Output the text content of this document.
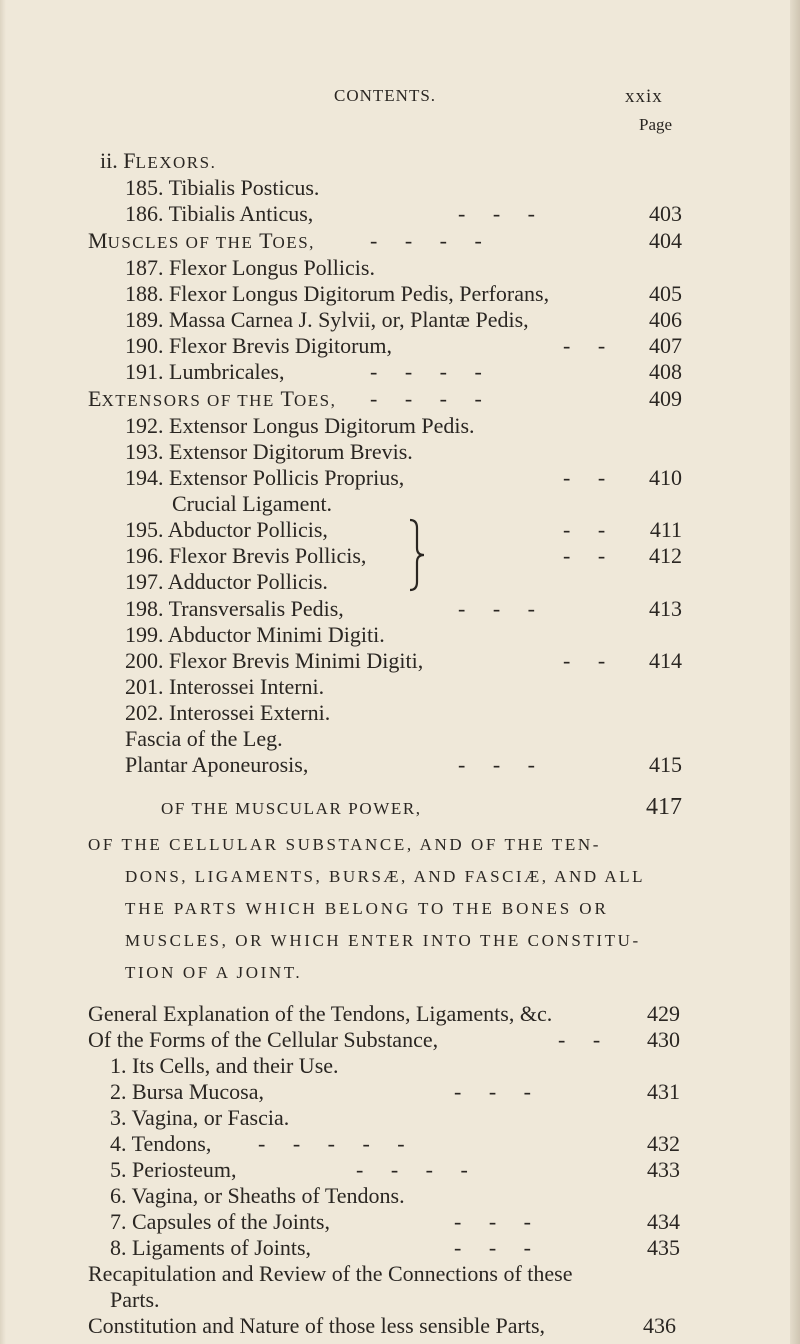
CONTENTS.	xxix
Page
ii. FLEXORS.
185. Tibialis Posticus.
186. Tibialis Anticus,	-     -     -	403
MUSCLES OF THE TOES,	-     -     -     -	404
187. Flexor Longus Pollicis.
188. Flexor Longus Digitorum Pedis, Perforans,	405
189. Massa Carnea J. Sylvii, or, Plantæ Pedis,	406
190. Flexor Brevis Digitorum,	-     -	407
191. Lumbricales,	-     -     -     -	408
EXTENSORS OF THE TOES, -     -     -     -	409
192. Extensor Longus Digitorum Pedis.
193. Extensor Digitorum Brevis.
194. Extensor Pollicis Proprius,	-     -	410
Crucial Ligament.
195. Abductor Pollicis,	-     -	411
196. Flexor Brevis Pollicis,	-     -	412
197. Adductor Pollicis.
198. Transversalis Pedis,	-     -     -	413
199. Abductor Minimi Digiti.
200. Flexor Brevis Minimi Digiti,	-     -	414
201. Interossei Interni.
202. Interossei Externi.
Fascia of the Leg.
Plantar Aponeurosis,	-     -     -	415
OF THE MUSCULAR POWER,	417
OF THE CELLULAR SUBSTANCE, AND OF THE TEN-
DONS, LIGAMENTS, BURSÆ, AND FASCIÆ, AND ALL
THE PARTS WHICH BELONG TO THE BONES OR
MUSCLES, OR WHICH ENTER INTO THE CONSTITU-
TION OF A JOINT.
General Explanation of the Tendons, Ligaments, &c.	429
Of the Forms of the Cellular Substance,	-     -	430
1. Its Cells, and their Use.
2. Bursa Mucosa,	-     -     -	431
3. Vagina, or Fascia.
4. Tendons, -     -     -     -     -	432
5. Periosteum,	-     -     -     -	433
6. Vagina, or Sheaths of Tendons.
7. Capsules of the Joints,	-     -     -	434
8. Ligaments of Joints,	-     -     -	435
Recapitulation and Review of the Connections of these
Parts.
Constitution and Nature of those less sensible Parts,	436
